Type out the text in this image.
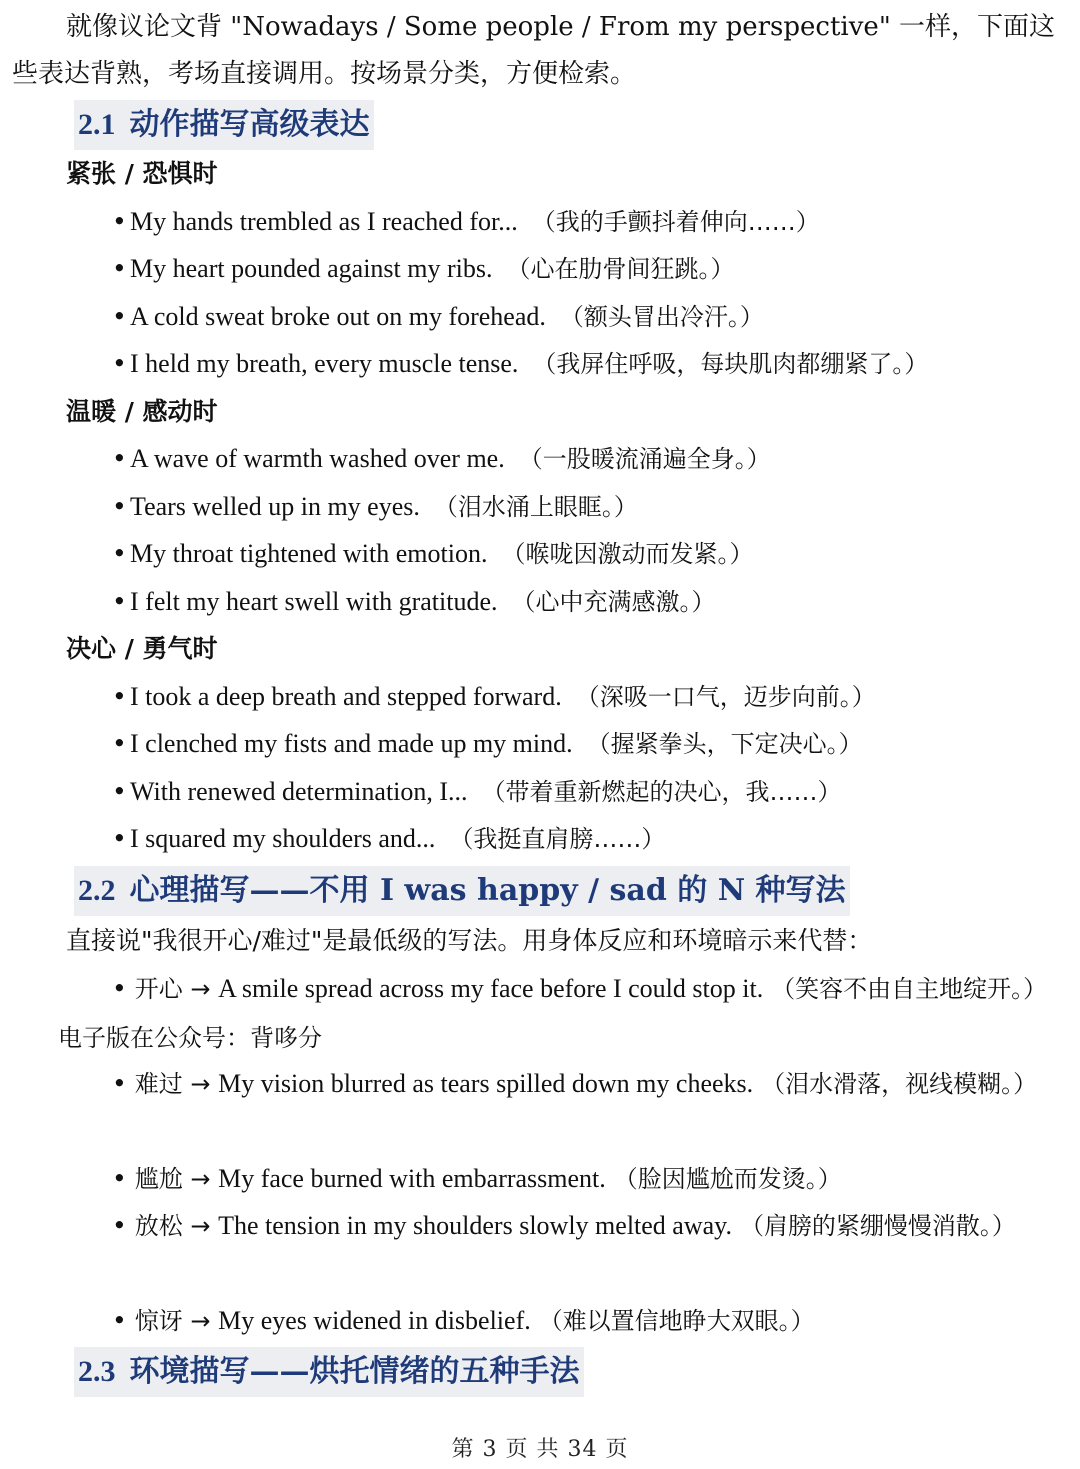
就像议论文背 "Nowadays / Some people / From my perspective" 一样，下面这些表达背熟，考场直接调用。按场景分类，方便检索。

2.1 动作描写高级表达

紧张 / 恐惧时

• My hands trembled as I reached for... （我的手颤抖着伸向……）

• My heart pounded against my ribs. （心在肋骨间狂跳。）

• A cold sweat broke out on my forehead. （额头冒出冷汗。）

• I held my breath, every muscle tense. （我屏住呼吸，每块肌肉都绷紧了。）

温暖 / 感动时

• A wave of warmth washed over me. （一股暖流涌遍全身。）

• Tears welled up in my eyes. （泪水涌上眼眶。）

• My throat tightened with emotion. （喉咙因激动而发紧。）

• I felt my heart swell with gratitude. （心中充满感激。）

决心 / 勇气时

• I took a deep breath and stepped forward. （深吸一口气，迈步向前。）

• I clenched my fists and made up my mind. （握紧拳头，下定决心。）

• With renewed determination, I... （带着重新燃起的决心，我……）

• I squared my shoulders and... （我挺直肩膀……）

2.2 心理描写——不用 I was happy / sad 的 N 种写法

直接说"我很开心/难过"是最低级的写法。用身体反应和环境暗示来代替：

• 开心 → A smile spread across my face before I could stop it. （笑容不由自主地绽开。）电子版在公众号：背哆分

• 难过 → My vision blurred as tears spilled down my cheeks. （泪水滑落，视线模糊。）

• 尴尬 → My face burned with embarrassment. （脸因尴尬而发烫。）

• 放松 → The tension in my shoulders slowly melted away. （肩膀的紧绷慢慢消散。）

• 惊讶 → My eyes widened in disbelief. （难以置信地睁大双眼。）

2.3 环境描写——烘托情绪的五种手法

第 3 页 共 34 页
